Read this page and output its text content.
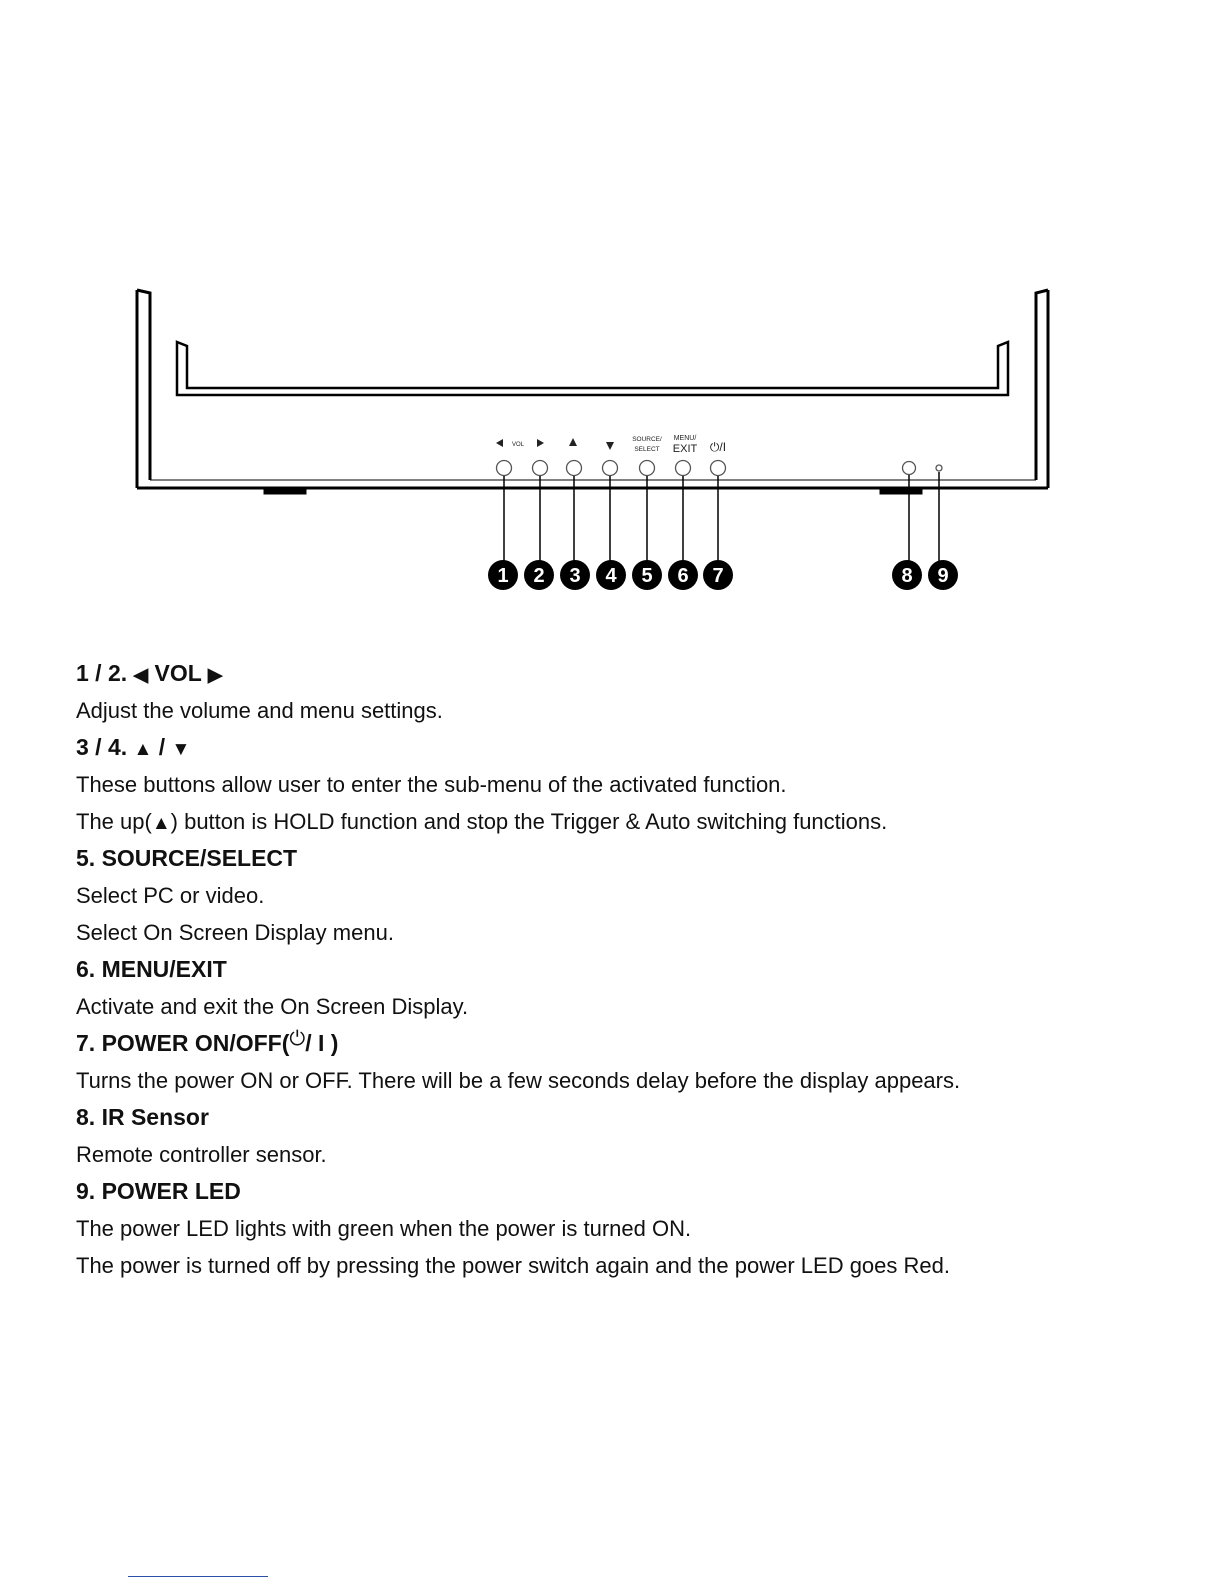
VOL
SOURCE/
SELECT
MENU/
EXIT ⏻/I
1 2 3 4 5 6 7	8 9
1 / 2. ◀ VOL ▶
Adjust the volume and menu settings.
3 / 4. ▲ / ▼
These buttons allow user to enter the sub-menu of the activated function.
The up(▲) button is HOLD function and stop the Trigger & Auto switching functions.
5. SOURCE/SELECT
Select PC or video.
Select On Screen Display menu.
6. MENU/EXIT
Activate and exit the On Screen Display.
7. POWER ON/OFF(⏻/ I )
Turns the power ON or OFF. There will be a few seconds delay before the display appears.
8. IR Sensor
Remote controller sensor.
9. POWER LED
The power LED lights with green when the power is turned ON.
The power is turned off by pressing the power switch again and the power LED goes Red.
